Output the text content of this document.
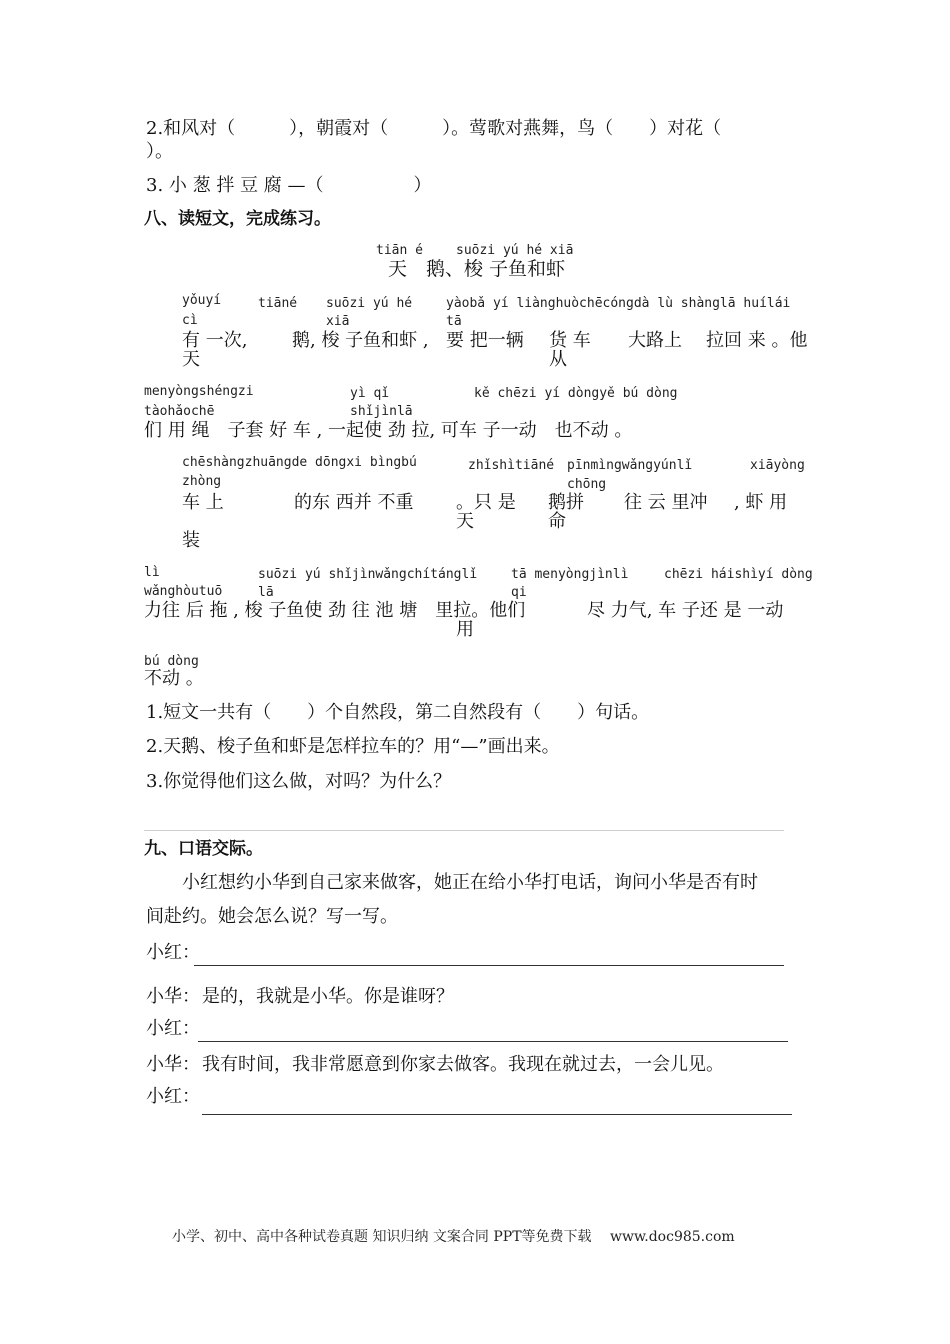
2.和风对（　　　），朝霞对（　　　）。莺歌对燕舞，鸟（　　）对花（
）。
3. 小 葱 拌 豆 腐 —（　　　　　）
八、读短文，完成练习。
tiān é	suōzi yú hé xiā
天　鹅、梭 子鱼和虾
yǒuyí
cì
tiāné suōzi yú hé
xiā
yàobǎ yí liànghuòchēcóngdà lù shànglā huílái
tā
有 一次,
天
鹅, 梭 子鱼和虾 , 要 把一辆 货 车
从
大路上 拉回 来 。他
menyòngshéngzi
tàohǎochē
yì qǐ
shǐjìnlā
kě chēzi yí dòngyě bú dòng
们 用 绳　子套 好 车 , 一起使 劲 拉, 可车 子一动　也不动 。
chēshàngzhuāngde dōngxi bìngbú
zhòng
zhǐshìtiāné pīnmìngwǎngyúnlǐ
chōng
xiāyòng
车 上
装
的东 西并 不重 。只 是
天
鹅拼
命
往 云 里冲 , 虾 用
lì
wǎnghòutuō
suōzi yú shǐjìnwǎngchítánglǐ
lā
tā menyòngjìnlì
qi
chēzi háishìyí dòng
力往 后 拖 , 梭 子鱼使 劲 往 池 塘　里拉。他们
用
尽 力气, 车 子还 是 一动
bú dòng
不动 。
1.短文一共有（　　）个自然段，第二自然段有（　　）句话。
2.天鹅、梭子鱼和虾是怎样拉车的？用“—”画出来。
3.你觉得他们这么做，对吗？为什么？
九、口语交际。
小红想约小华到自己家来做客，她正在给小华打电话，询问小华是否有时
间赴约。她会怎么说？写一写。
小红：
小华： 是的，我就是小华。你是谁呀？
小红：
小华： 我有时间，我非常愿意到你家去做客。我现在就过去，一会儿见。
小红：
小学、初中、高中各种试卷真题 知识归纳 文案合同 PPT等免费下载　 www.doc985.com
